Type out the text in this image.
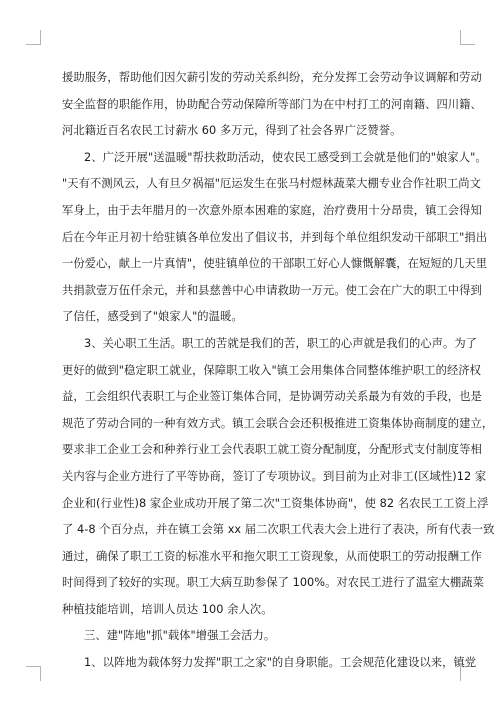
援助服务，帮助他们因欠薪引发的劳动关系纠纷，充分发挥工会劳动争议调解和劳动
安全监督的职能作用，协助配合劳动保障所等部门为在中村打工的河南籍、四川籍、
河北籍近百名农民工讨薪水 60 多万元，得到了社会各界广泛赞誉。
2、广泛开展"送温暖"帮扶救助活动，使农民工感受到工会就是他们的"娘家人"。
"天有不测风云，人有旦夕祸福"厄运发生在张马村煜林蔬菜大棚专业合作社职工尚文
军身上，由于去年腊月的一次意外原本困难的家庭，治疗费用十分昂贵，镇工会得知
后在今年正月初十给驻镇各单位发出了倡议书，并到每个单位组织发动干部职工"捐出
一份爱心，献上一片真情"，使驻镇单位的干部职工好心人慷慨解囊，在短短的几天里
共捐款壹万伍仟余元，并和县慈善中心申请救助一万元。使工会在广大的职工中得到
了信任，感受到了"娘家人"的温暖。
3、关心职工生活。职工的苦就是我们的苦，职工的心声就是我们的心声。为了
更好的做到"稳定职工就业，保障职工收入"镇工会用集体合同整体维护职工的经济权
益，工会组织代表职工与企业签订集体合同，是协调劳动关系最为有效的手段，也是
规范了劳动合同的一种有效方式。镇工会联合会还积极推进工资集体协商制度的建立，
要求非工企业工会和种养行业工会代表职工就工资分配制度，分配形式支付制度等相
关内容与企业方进行了平等协商，签订了专项协议。到目前为止对非工(区域性)12 家
企业和(行业性)8 家企业成功开展了第二次"工资集体协商"，使 82 名农民工工资上浮
了 4-8 个百分点，并在镇工会第 xx 届二次职工代表大会上进行了表决，所有代表一致
通过，确保了职工工资的标准水平和拖欠职工工资现象，从而使职工的劳动报酬工作
时间得到了较好的实现。职工大病互助参保了 100%。对农民工进行了温室大棚蔬菜
种植技能培训，培训人员达 100 余人次。
三、建"阵地"抓"载体"增强工会活力。
1、以阵地为载体努力发挥"职工之家"的自身职能。工会规范化建设以来，镇党
